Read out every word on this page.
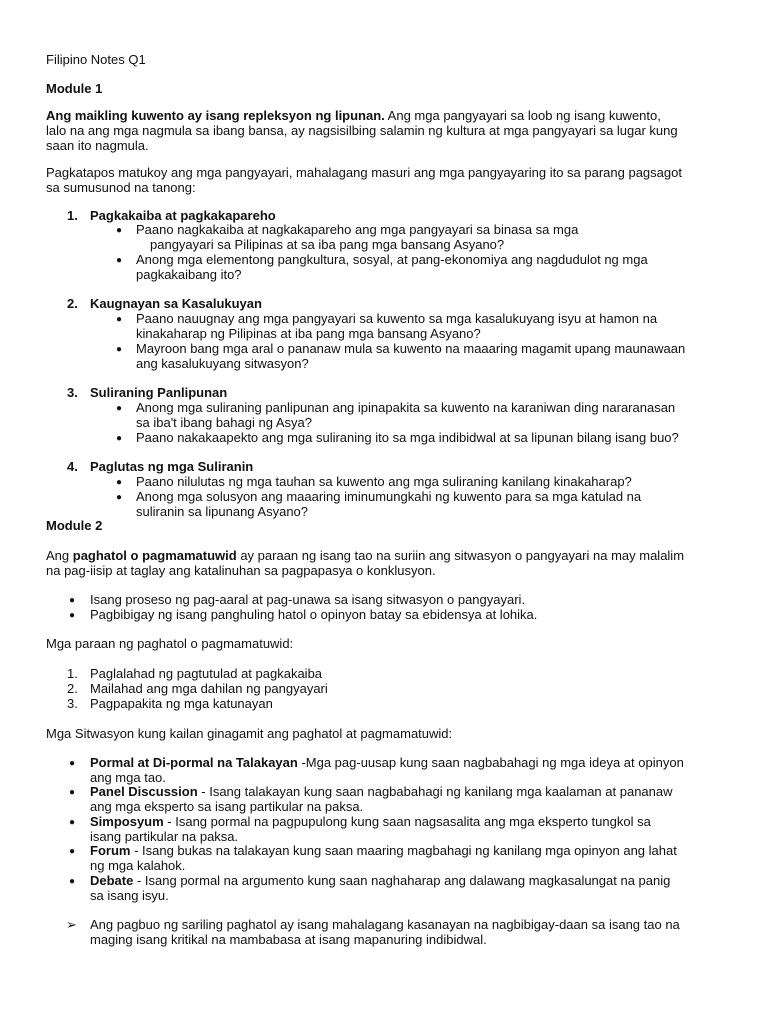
Filipino Notes Q1
Module 1
Ang maikling kuwento ay isang repleksyon ng lipunan. Ang mga pangyayari sa loob ng isang kuwento,
lalo na ang mga nagmula sa ibang bansa, ay nagsisilbing salamin ng kultura at mga pangyayari sa lugar kung
saan ito nagmula.
Pagkatapos matukoy ang mga pangyayari, mahalagang masuri ang mga pangyayaring ito sa parang pagsagot
sa sumusunod na tanong:
1. Pagkakaiba at pagkakapareho
● Paano nagkakaiba at nagkakapareho ang mga pangyayari sa binasa sa mga
pangyayari sa Pilipinas at sa iba pang mga bansang Asyano?
● Anong mga elementong pangkultura, sosyal, at pang-ekonomiya ang nagdudulot ng mga
pagkakaibang ito?
2. Kaugnayan sa Kasalukuyan
● Paano nauugnay ang mga pangyayari sa kuwento sa mga kasalukuyang isyu at hamon na
kinakaharap ng Pilipinas at iba pang mga bansang Asyano?
● Mayroon bang mga aral o pananaw mula sa kuwento na maaaring magamit upang maunawaan
ang kasalukuyang sitwasyon?
3. Suliraning Panlipunan
● Anong mga suliraning panlipunan ang ipinapakita sa kuwento na karaniwan ding nararanasan
sa iba't ibang bahagi ng Asya?
● Paano nakakaapekto ang mga suliraning ito sa mga indibidwal at sa lipunan bilang isang buo?
4. Paglutas ng mga Suliranin
● Paano nilulutas ng mga tauhan sa kuwento ang mga suliraning kanilang kinakaharap?
● Anong mga solusyon ang maaaring iminumungkahi ng kuwento para sa mga katulad na
suliranin sa lipunang Asyano?
Module 2
Ang paghatol o pagmamatuwid ay paraan ng isang tao na suriin ang sitwasyon o pangyayari na may malalim
na pag-iisip at taglay ang katalinuhan sa pagpapasya o konklusyon.
● Isang proseso ng pag-aaral at pag-unawa sa isang sitwasyon o pangyayari.
● Pagbibigay ng isang panghuling hatol o opinyon batay sa ebidensya at lohika.
Mga paraan ng paghatol o pagmamatuwid:
1. Paglalahad ng pagtutulad at pagkakaiba
2. Mailahad ang mga dahilan ng pangyayari
3. Pagpapakita ng mga katunayan
Mga Sitwasyon kung kailan ginagamit ang paghatol at pagmamatuwid:
● Pormal at Di-pormal na Talakayan -Mga pag-uusap kung saan nagbabahagi ng mga ideya at opinyon
ang mga tao.
● Panel Discussion - Isang talakayan kung saan nagbabahagi ng kanilang mga kaalaman at pananaw
ang mga eksperto sa isang partikular na paksa.
● Simposyum - Isang pormal na pagpupulong kung saan nagsasalita ang mga eksperto tungkol sa
isang partikular na paksa.
● Forum - Isang bukas na talakayan kung saan maaring magbahagi ng kanilang mga opinyon ang lahat
ng mga kalahok.
● Debate - Isang pormal na argumento kung saan naghaharap ang dalawang magkasalungat na panig
sa isang isyu.
➢ Ang pagbuo ng sariling paghatol ay isang mahalagang kasanayan na nagbibigay-daan sa isang tao na
maging isang kritikal na mambabasa at isang mapanuring indibidwal.
